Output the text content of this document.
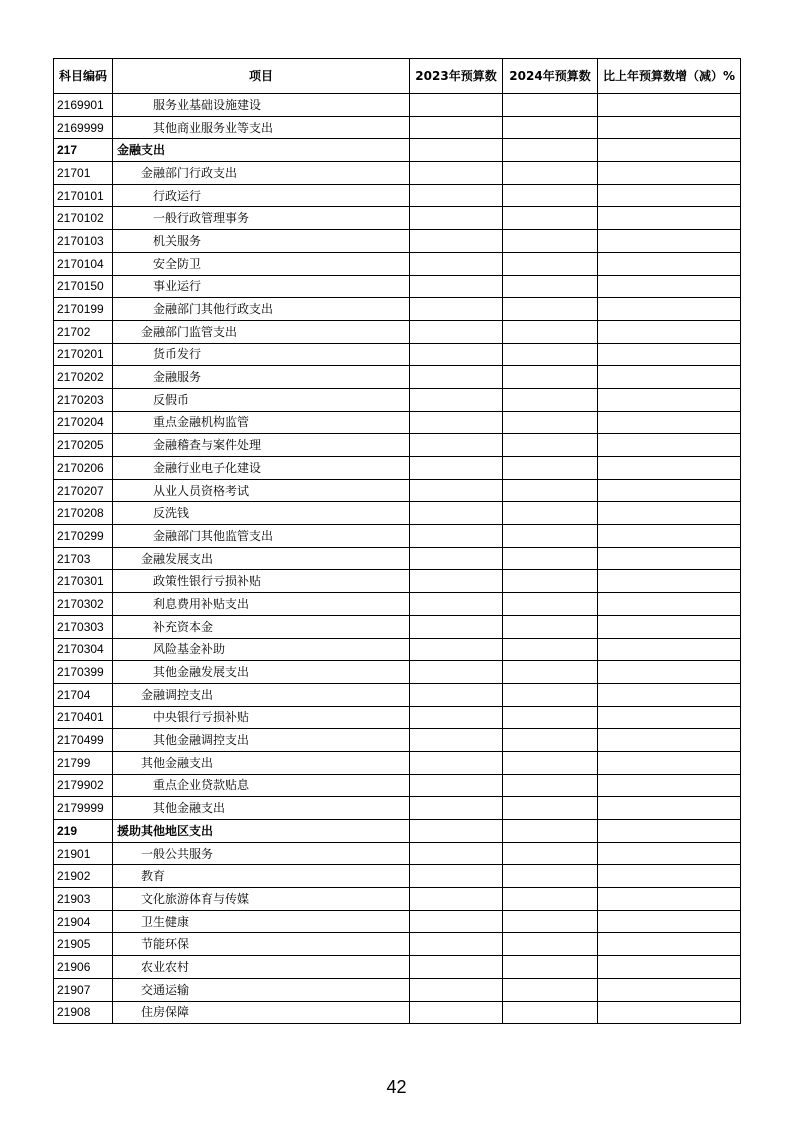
科目编码	项目	2023年预算数	2024年预算数	比上年预算数增（减）%
2169901	服务业基础设施建设			
2169999	其他商业服务业等支出			
217	金融支出			
21701	金融部门行政支出			
2170101	行政运行			
2170102	一般行政管理事务			
2170103	机关服务			
2170104	安全防卫			
2170150	事业运行			
2170199	金融部门其他行政支出			
21702	金融部门监管支出			
2170201	货币发行			
2170202	金融服务			
2170203	反假币			
2170204	重点金融机构监管			
2170205	金融稽查与案件处理			
2170206	金融行业电子化建设			
2170207	从业人员资格考试			
2170208	反洗钱			
2170299	金融部门其他监管支出			
21703	金融发展支出			
2170301	政策性银行亏损补贴			
2170302	利息费用补贴支出			
2170303	补充资本金			
2170304	风险基金补助			
2170399	其他金融发展支出			
21704	金融调控支出			
2170401	中央银行亏损补贴			
2170499	其他金融调控支出			
21799	其他金融支出			
2179902	重点企业贷款贴息			
2179999	其他金融支出			
219	援助其他地区支出			
21901	一般公共服务			
21902	教育			
21903	文化旅游体育与传媒			
21904	卫生健康			
21905	节能环保			
21906	农业农村			
21907	交通运输			
21908	住房保障			
42
